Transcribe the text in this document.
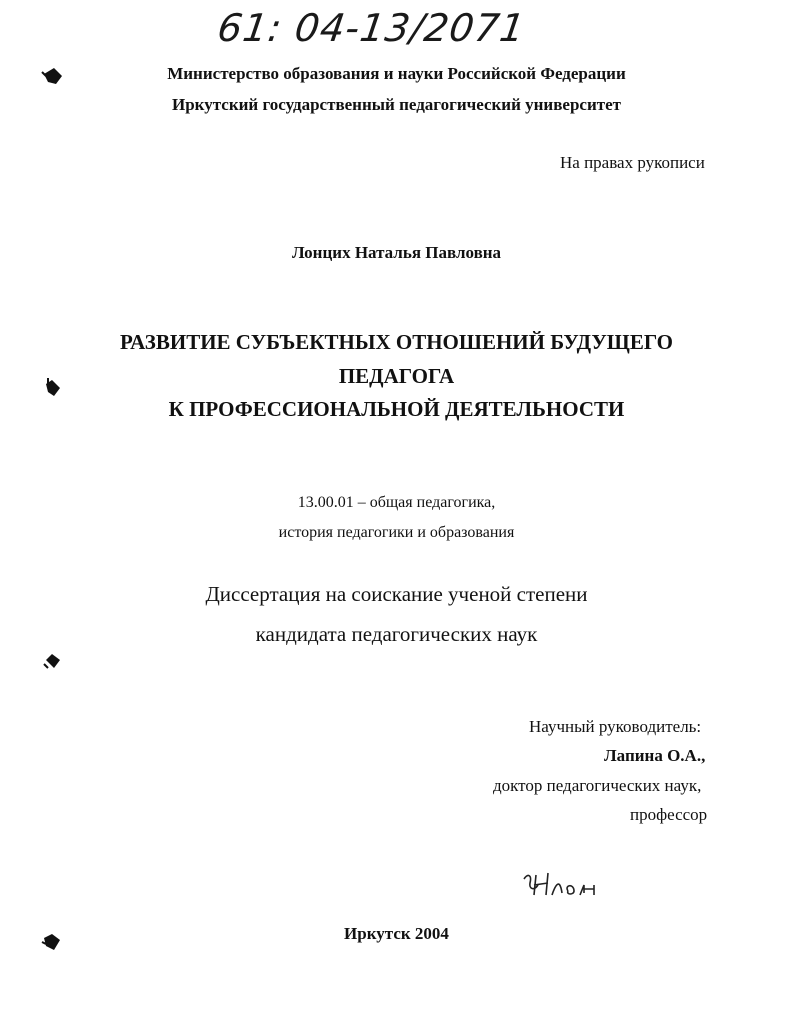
61: 04-13/2071
Министерство образования и науки Российской Федерации
Иркутский государственный педагогический университет
На правах рукописи
Лонцих Наталья Павловна
РАЗВИТИЕ СУБЪЕКТНЫХ ОТНОШЕНИЙ БУДУЩЕГО
ПЕДАГОГА
К ПРОФЕССИОНАЛЬНОЙ ДЕЯТЕЛЬНОСТИ
13.00.01 – общая педагогика,
история педагогики и образования
Диссертация на соискание ученой степени
кандидата педагогических наук
Научный руководитель:
Лапина О.А.,
доктор педагогических наук,
профессор
Иркутск 2004
